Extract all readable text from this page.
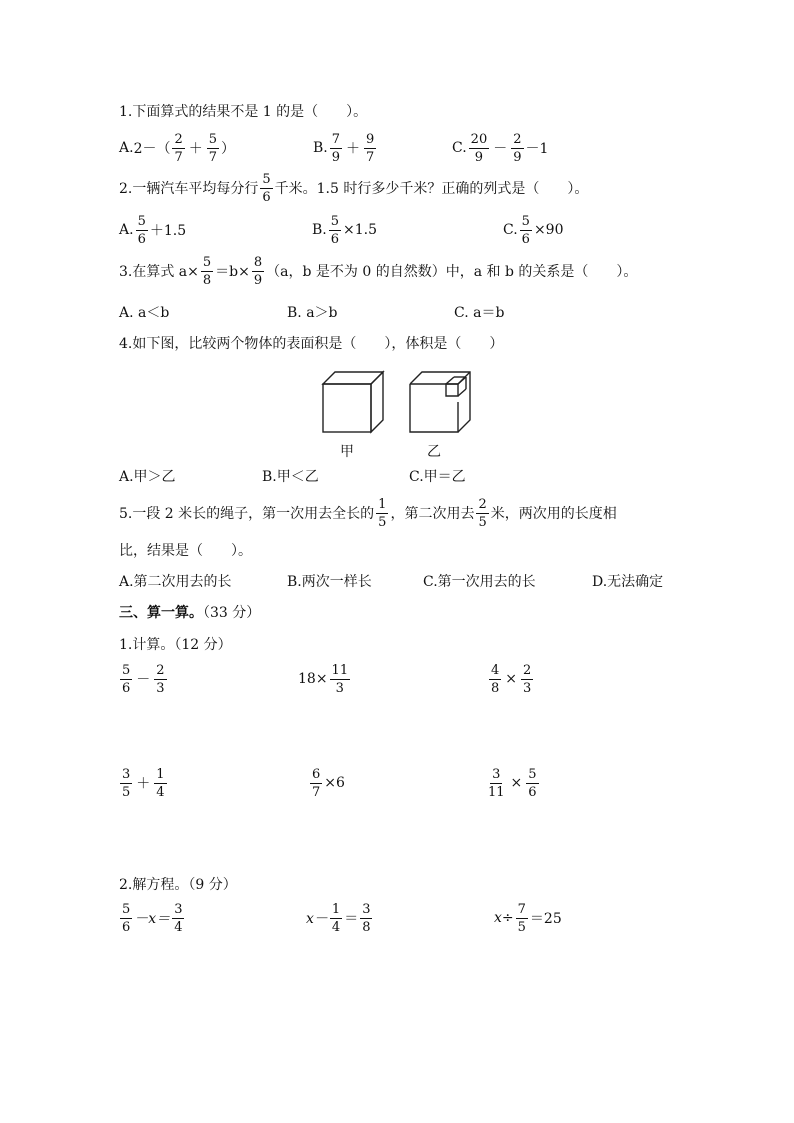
1.下面算式的结果不是 1 的是（　　）。
A. 2－ （ $\frac{2}{7} + \frac{5}{7}$ ）	B. $\frac{7}{9} + \frac{9}{7}$	C. $\frac{20}{9} - \frac{2}{9} -1$
2.一辆汽车平均每分行 $\frac{5}{6}$ 千米。1.5 时行多少千米？正确的列式是（　　）。
A. $\frac{5}{6} +1.5$	B. $\frac{5}{6} \times 1.5$	C. $\frac{5}{6} \times 90$
3.在算式 $a\times \frac{5}{8} =b\times \frac{8}{9} (a$，b 是不为 0 的自然数）中，a 和 b 的关系是（　　）。
A. a＜b	B. a＞b	C. a＝b
4.如下图，比较两个物体的表面积是（　　），体积是（　　）
甲	乙
A.甲＞乙	B.甲＜乙	C.甲＝乙
5.一段 2 米长的绳子，第一次用去全长的 $\frac{1}{5}$ ，第二次用去 $\frac{2}{5}$ 米，两次用的长度相
比，结果是（　　）。
A.第二次用去的长	B.两次一样长	C.第一次用去的长	D.无法确定
三、算一算。（33 分）
1.计算。（12 分）
$\frac{5}{6} - \frac{2}{3}$	$18\times \frac{11}{3}$	$\frac{4}{8} \times \frac{2}{3}$
$\frac{3}{5} + \frac{1}{4}$	$\frac{6}{7} \times 6$	$\frac{3}{11} \times \frac{5}{6}$
2.解方程。（9 分）
$\frac{5}{6} -x= \frac{3}{4}$	$x- \frac{1}{4} = \frac{3}{8}$	$x\div \frac{7}{5} =25$
